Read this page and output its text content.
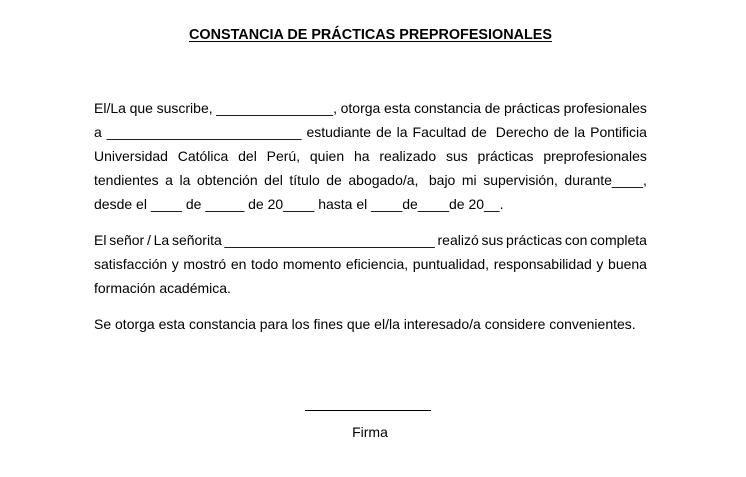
CONSTANCIA DE PRÁCTICAS PREPROFESIONALES
El/La que suscribe, _______________, otorga esta constancia de prácticas profesionales
a _________________________ estudiante de la Facultad de Derecho de la Pontificia
Universidad Católica del Perú, quien ha realizado sus prácticas preprofesionales
tendientes a la obtención del título de abogado/a, bajo mi supervisión, durante____,
desde el ____ de _____ de 20____ hasta el ____de____de 20__.
El señor / La señorita ___________________________ realizó sus prácticas con completa
satisfacción y mostró en todo momento eficiencia, puntualidad, responsabilidad y buena
formación académica.
Se otorga esta constancia para los fines que el/la interesado/a considere convenientes.
Firma
